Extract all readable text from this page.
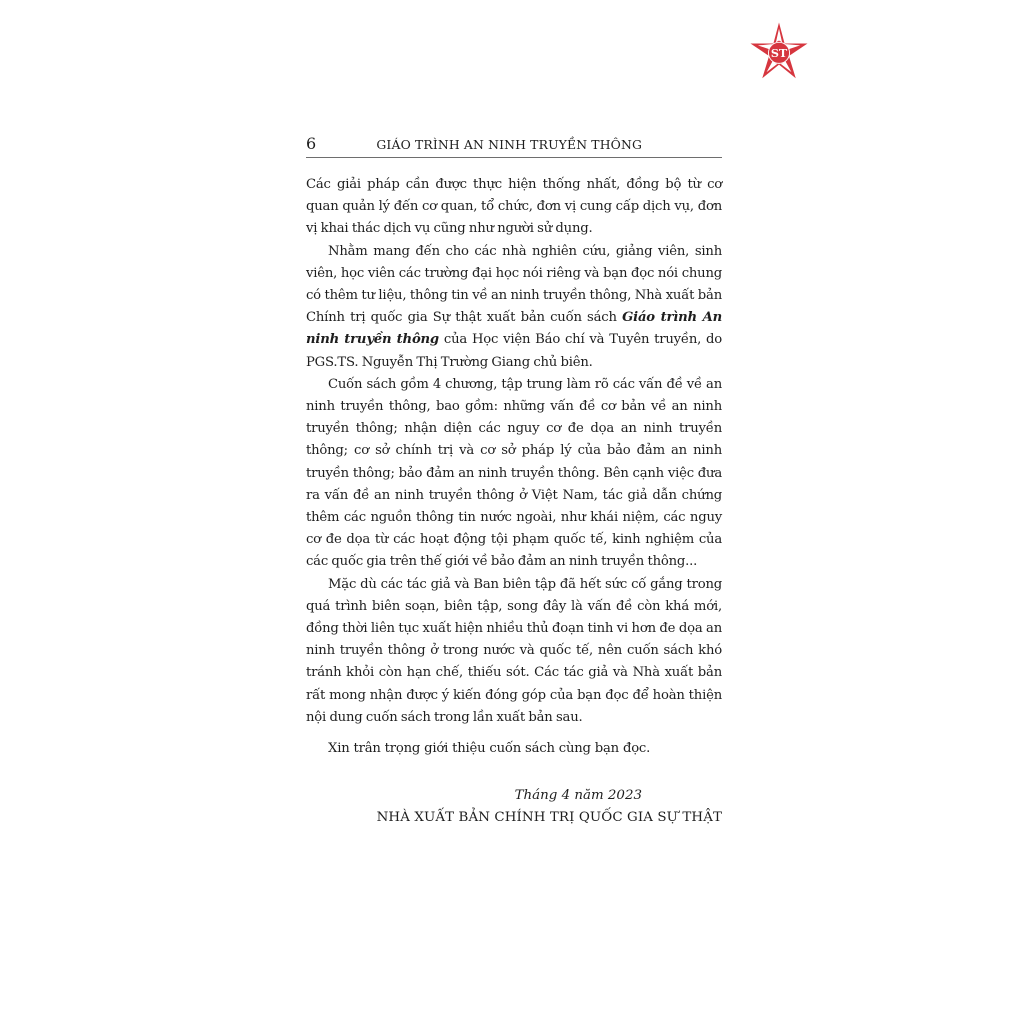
ST
6	GIÁO TRÌNH AN NINH TRUYỀN THÔNG

Các giải pháp cần được thực hiện thống nhất, đồng bộ từ cơ quan quản lý đến cơ quan, tổ chức, đơn vị cung cấp dịch vụ, đơn vị khai thác dịch vụ cũng như người sử dụng.

Nhằm mang đến cho các nhà nghiên cứu, giảng viên, sinh viên, học viên các trường đại học nói riêng và bạn đọc nói chung có thêm tư liệu, thông tin về an ninh truyền thông, Nhà xuất bản Chính trị quốc gia Sự thật xuất bản cuốn sách Giáo trình An ninh truyền thông của Học viện Báo chí và Tuyên truyền, do PGS.TS. Nguyễn Thị Trường Giang chủ biên.

Cuốn sách gồm 4 chương, tập trung làm rõ các vấn đề về an ninh truyền thông, bao gồm: những vấn đề cơ bản về an ninh truyền thông; nhận diện các nguy cơ đe dọa an ninh truyền thông; cơ sở chính trị và cơ sở pháp lý của bảo đảm an ninh truyền thông; bảo đảm an ninh truyền thông. Bên cạnh việc đưa ra vấn đề an ninh truyền thông ở Việt Nam, tác giả dẫn chứng thêm các nguồn thông tin nước ngoài, như khái niệm, các nguy cơ đe dọa từ các hoạt động tội phạm quốc tế, kinh nghiệm của các quốc gia trên thế giới về bảo đảm an ninh truyền thông...

Mặc dù các tác giả và Ban biên tập đã hết sức cố gắng trong quá trình biên soạn, biên tập, song đây là vấn đề còn khá mới, đồng thời liên tục xuất hiện nhiều thủ đoạn tinh vi hơn đe dọa an ninh truyền thông ở trong nước và quốc tế, nên cuốn sách khó tránh khỏi còn hạn chế, thiếu sót. Các tác giả và Nhà xuất bản rất mong nhận được ý kiến đóng góp của bạn đọc để hoàn thiện nội dung cuốn sách trong lần xuất bản sau.

Xin trân trọng giới thiệu cuốn sách cùng bạn đọc.
Tháng 4 năm 2023
NHÀ XUẤT BẢN CHÍNH TRỊ QUỐC GIA SỰ THẬT
